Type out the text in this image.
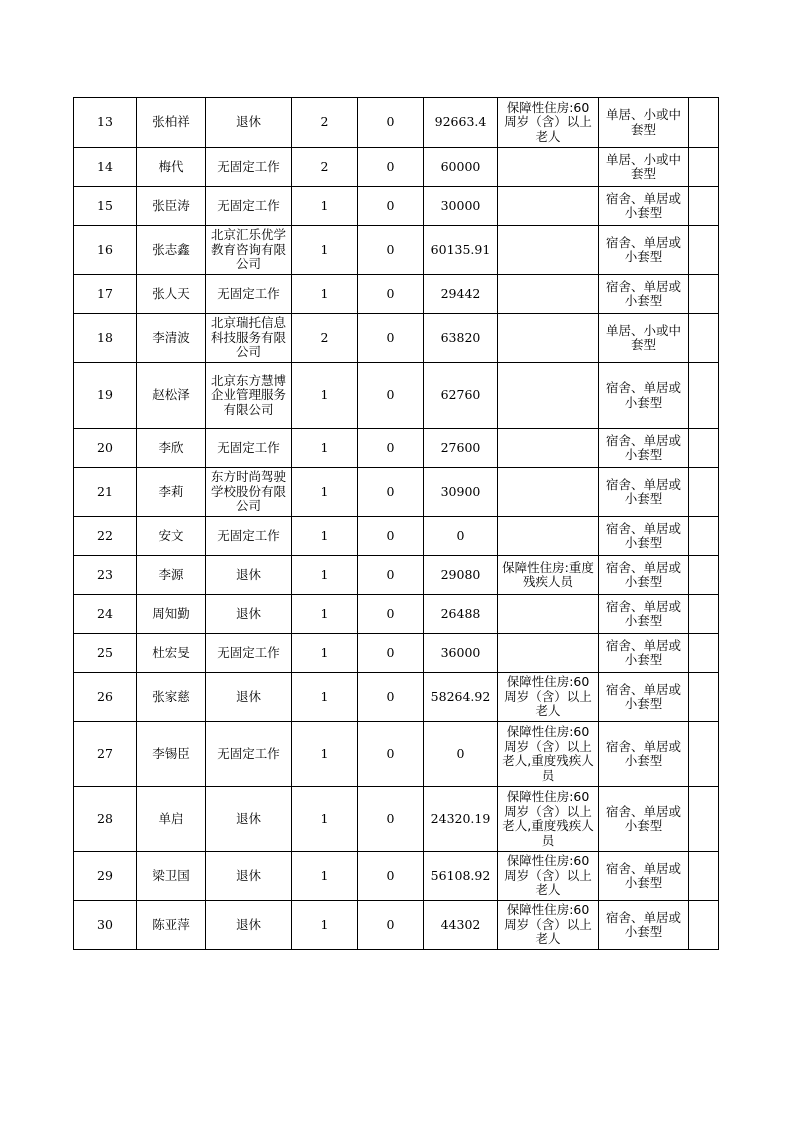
13	张柏祥	退休	2	0	92663.4	保障性住房:60周岁（含）以上老人	单居、小或中套型	
14	梅代	无固定工作	2	0	60000		单居、小或中套型	
15	张臣涛	无固定工作	1	0	30000		宿舍、单居或小套型	
16	张志鑫	北京汇乐优学教育咨询有限公司	1	0	60135.91		宿舍、单居或小套型	
17	张人天	无固定工作	1	0	29442		宿舍、单居或小套型	
18	李清波	北京瑞托信息科技服务有限公司	2	0	63820		单居、小或中套型	
19	赵松泽	北京东方慧博企业管理服务有限公司	1	0	62760		宿舍、单居或小套型	
20	李欣	无固定工作	1	0	27600		宿舍、单居或小套型	
21	李莉	东方时尚驾驶学校股份有限公司	1	0	30900		宿舍、单居或小套型	
22	安文	无固定工作	1	0	0		宿舍、单居或小套型	
23	李源	退休	1	0	29080	保障性住房:重度残疾人员	宿舍、单居或小套型	
24	周知勤	退休	1	0	26488		宿舍、单居或小套型	
25	杜宏旻	无固定工作	1	0	36000		宿舍、单居或小套型	
26	张家慈	退休	1	0	58264.92	保障性住房:60周岁（含）以上老人	宿舍、单居或小套型	
27	李锡臣	无固定工作	1	0	0	保障性住房:60周岁（含）以上老人,重度残疾人员	宿舍、单居或小套型	
28	单启	退休	1	0	24320.19	保障性住房:60周岁（含）以上老人,重度残疾人员	宿舍、单居或小套型	
29	梁卫国	退休	1	0	56108.92	保障性住房:60周岁（含）以上老人	宿舍、单居或小套型	
30	陈亚萍	退休	1	0	44302	保障性住房:60周岁（含）以上老人	宿舍、单居或小套型	
